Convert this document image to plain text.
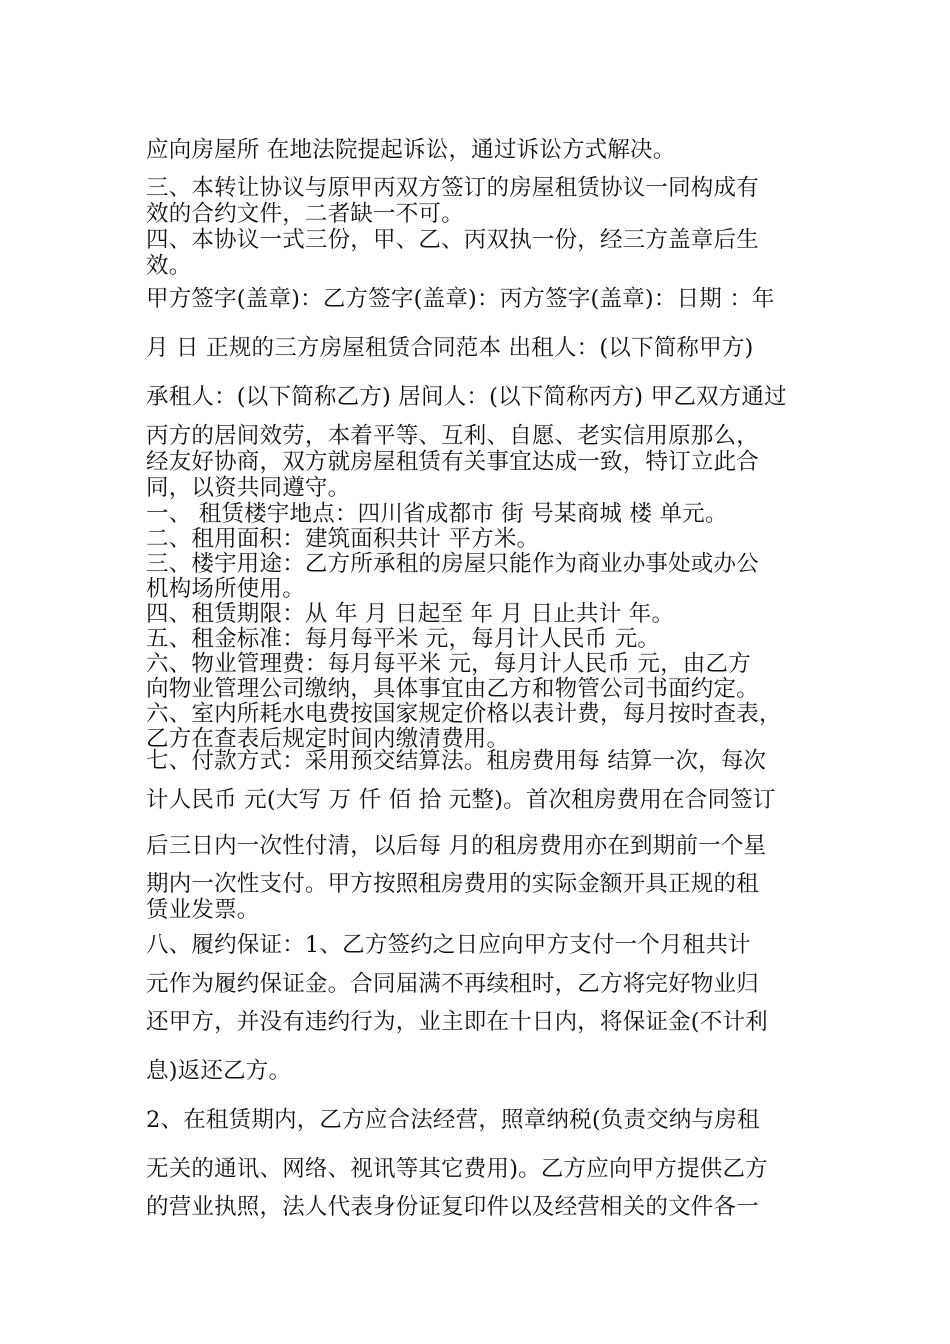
应向房屋所 在地法院提起诉讼，通过诉讼方式解决。
三、本转让协议与原甲丙双方签订的房屋租赁协议一同构成有
效的合约文件，二者缺一不可。
四、本协议一式三份，甲、乙、丙双执一份，经三方盖章后生
效。
甲方签字(盖章)：乙方签字(盖章)：丙方签字(盖章)：日期 ：年
月 日 正规的三方房屋租赁合同范本 出租人：(以下简称甲方)
承租人：(以下简称乙方) 居间人：(以下简称丙方) 甲乙双方通过
丙方的居间效劳，本着平等、互利、自愿、老实信用原那么，
经友好协商，双方就房屋租赁有关事宜达成一致，特订立此合
同，以资共同遵守。
一、 租赁楼宇地点：四川省成都市 街 号某商城 楼 单元。
二、租用面积：建筑面积共计 平方米。
三、楼宇用途：乙方所承租的房屋只能作为商业办事处或办公
机构场所使用。
四、租赁期限：从 年 月 日起至 年 月 日止共计 年。
五、租金标准：每月每平米 元，每月计人民币 元。
六、物业管理费：每月每平米 元，每月计人民币 元，由乙方
向物业管理公司缴纳，具体事宜由乙方和物管公司书面约定。
六、室内所耗水电费按国家规定价格以表计费，每月按时查表，
乙方在查表后规定时间内缴清费用。
七、付款方式：采用预交结算法。租房费用每 结算一次，每次
计人民币 元(大写 万 仟 佰 拾 元整)。首次租房费用在合同签订
后三日内一次性付清，以后每 月的租房费用亦在到期前一个星
期内一次性支付。甲方按照租房费用的实际金额开具正规的租
赁业发票。
八、履约保证：1、乙方签约之日应向甲方支付一个月租共计
元作为履约保证金。合同届满不再续租时，乙方将完好物业归
还甲方，并没有违约行为，业主即在十日内，将保证金(不计利
息)返还乙方。
2、在租赁期内，乙方应合法经营，照章纳税(负责交纳与房租
无关的通讯、网络、视讯等其它费用)。乙方应向甲方提供乙方
的营业执照，法人代表身份证复印件以及经营相关的文件各一
